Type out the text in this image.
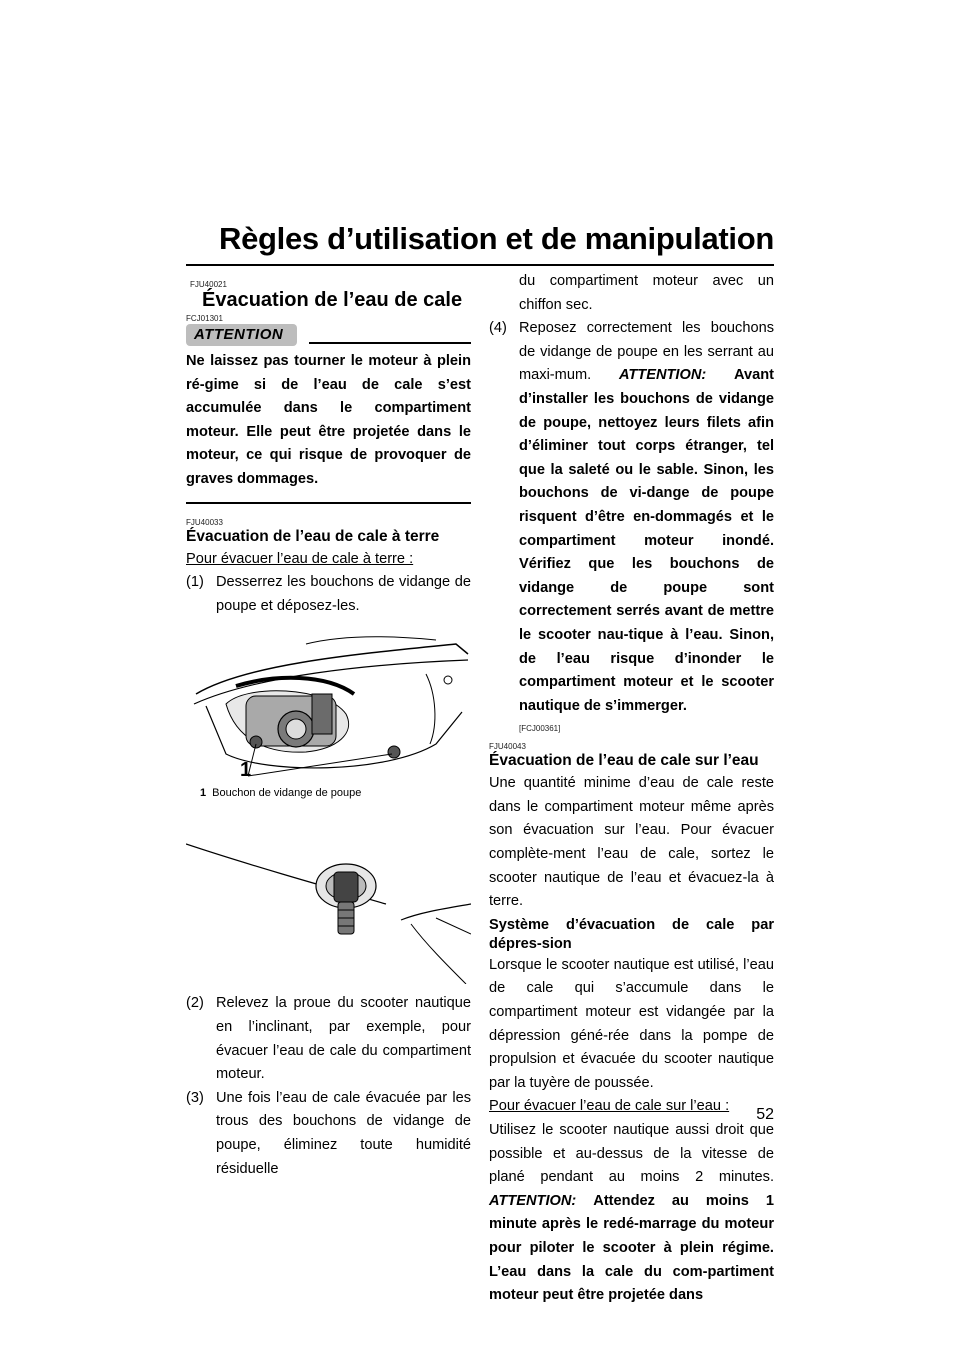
Règles d’utilisation et de manipulation
FJU40021
Évacuation de l’eau de cale
FCJ01301
ATTENTION

Ne laissez pas tourner le moteur à plein ré-gime si de l’eau de cale s’est accumulée dans le compartiment moteur. Elle peut être projetée dans le moteur, ce qui risque de provoquer de graves dommages.

FJU40033
Évacuation de l’eau de cale à terre

Pour évacuer l’eau de cale à terre :

(1) Desserrez les bouchons de vidange de poupe et déposez-les.
1
1 Bouchon de vidange de poupe
(2) Relevez la proue du scooter nautique en l’inclinant, par exemple, pour évacuer l’eau de cale du compartiment moteur.
(3) Une fois l’eau de cale évacuée par les trous des bouchons de vidange de poupe, éliminez toute humidité résiduelle
du compartiment moteur avec un chiffon sec.
(4) Reposez correctement les bouchons de vidange de poupe en les serrant au maxi-mum. ATTENTION: Avant d’installer les bouchons de vidange de poupe, nettoyez leurs filets afin d’éliminer tout corps étranger, tel que la saleté ou le sable. Sinon, les bouchons de vi-dange de poupe risquent d’être en-dommagés et le compartiment moteur inondé. Vérifiez que les bouchons de vidange de poupe sont correctement serrés avant de mettre le scooter nau-tique à l’eau. Sinon, de l’eau risque d’inonder le compartiment moteur et le scooter nautique de s’immerger.
[FCJ00361]
FJU40043
Évacuation de l’eau de cale sur l’eau

Une quantité minime d’eau de cale reste dans le compartiment moteur même après son évacuation sur l’eau. Pour évacuer complète-ment l’eau de cale, sortez le scooter nautique de l’eau et évacuez-la à terre.

Système d’évacuation de cale par dépres-sion

Lorsque le scooter nautique est utilisé, l’eau de cale qui s’accumule dans le compartiment moteur est vidangée par la dépression géné-rée dans la pompe de propulsion et évacuée du scooter nautique par la tuyère de poussée.

Pour évacuer l’eau de cale sur l’eau :

Utilisez le scooter nautique aussi droit que possible et au-dessus de la vitesse de plané pendant au moins 2 minutes. ATTENTION: Attendez au moins 1 minute après le redé-marrage du moteur pour piloter le scooter à plein régime. L’eau dans la cale du com-partiment moteur peut être projetée dans

52
